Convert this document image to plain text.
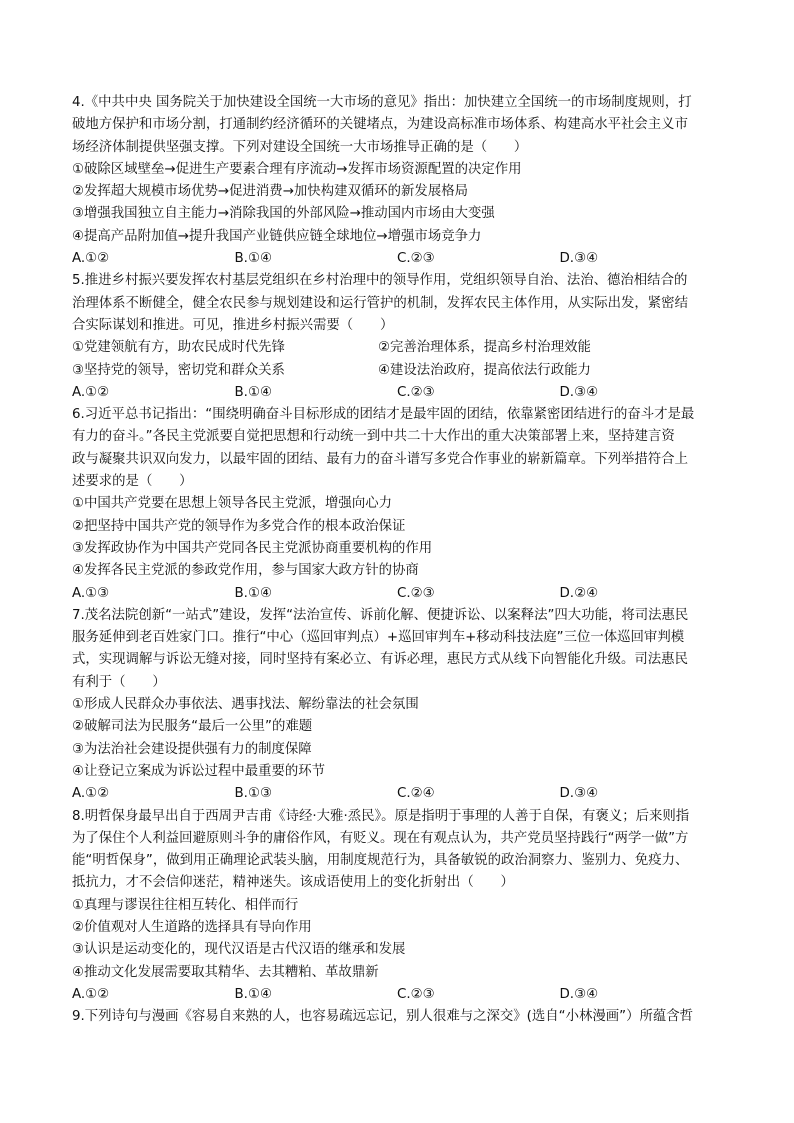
4.《中共中央 国务院关于加快建设全国统一大市场的意见》指出：加快建立全国统一的市场制度规则，打
破地方保护和市场分割，打通制约经济循环的关键堵点，为建设高标准市场体系、构建高水平社会主义市
场经济体制提供坚强支撑。下列对建设全国统一大市场推导正确的是（　　）
①破除区域壁垒→促进生产要素合理有序流动→发挥市场资源配置的决定作用
②发挥超大规模市场优势→促进消费→加快构建双循环的新发展格局
③增强我国独立自主能力→消除我国的外部风险→推动国内市场由大变强
④提高产品附加值→提升我国产业链供应链全球地位→增强市场竞争力
A.①②	B.①④	C.②③	D.③④
5.推进乡村振兴要发挥农村基层党组织在乡村治理中的领导作用，党组织领导自治、法治、德治相结合的
治理体系不断健全，健全农民参与规划建设和运行管护的机制，发挥农民主体作用，从实际出发，紧密结
合实际谋划和推进。可见，推进乡村振兴需要（　　）
①党建领航有方，助农民成时代先锋	②完善治理体系，提高乡村治理效能
③坚持党的领导，密切党和群众关系	④建设法治政府，提高依法行政能力
A.①②	B.①④	C.②③	D.③④
6.习近平总书记指出：“围绕明确奋斗目标形成的团结才是最牢固的团结，依靠紧密团结进行的奋斗才是最
有力的奋斗。”各民主党派要自觉把思想和行动统一到中共二十大作出的重大决策部署上来，坚持建言资
政与凝聚共识双向发力，以最牢固的团结、最有力的奋斗谱写多党合作事业的崭新篇章。下列举措符合上
述要求的是（　　）
①中国共产党要在思想上领导各民主党派，增强向心力
②把坚持中国共产党的领导作为多党合作的根本政治保证
③发挥政协作为中国共产党同各民主党派协商重要机构的作用
④发挥各民主党派的参政党作用，参与国家大政方针的协商
A.①③	B.①④	C.②③	D.②④
7.茂名法院创新“一站式”建设，发挥“法治宣传、诉前化解、便捷诉讼、以案释法”四大功能，将司法惠民
服务延伸到老百姓家门口。推行“中心（巡回审判点）+巡回审判车+移动科技法庭”三位一体巡回审判模
式，实现调解与诉讼无缝对接，同时坚持有案必立、有诉必理，惠民方式从线下向智能化升级。司法惠民
有利于（　　）
①形成人民群众办事依法、遇事找法、解纷靠法的社会氛围
②破解司法为民服务“最后一公里”的难题
③为法治社会建设提供强有力的制度保障
④让登记立案成为诉讼过程中最重要的环节
A.①②	B.①③	C.②④	D.③④
8.明哲保身最早出自于西周尹吉甫《诗经·大雅·烝民》。原是指明于事理的人善于自保，有褒义；后来则指
为了保住个人利益回避原则斗争的庸俗作风，有贬义。现在有观点认为，共产党员坚持践行“两学一做”方
能“明哲保身”，做到用正确理论武装头脑，用制度规范行为，具备敏锐的政治洞察力、鉴别力、免疫力、
抵抗力，才不会信仰迷茫，精神迷失。该成语使用上的变化折射出（　　）
①真理与谬误往往相互转化、相伴而行
②价值观对人生道路的选择具有导向作用
③认识是运动变化的，现代汉语是古代汉语的继承和发展
④推动文化发展需要取其精华、去其糟粕、革故鼎新
A.①②	B.①④	C.②③	D.③④
9.下列诗句与漫画《容易自来熟的人，也容易疏远忘记，别人很难与之深交》(选自“小林漫画”）所蕴含哲
